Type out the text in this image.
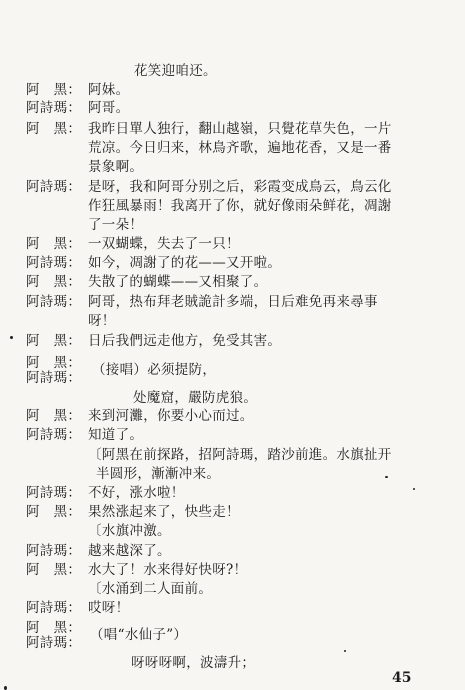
花笑迎咱还。
阿　黑： 阿妹。
阿詩瑪： 阿哥。
阿　黑： 我昨日單人独行，翻山越嶺，只覺花草失色，一片
荒凉。今日归来，林鳥齐歌，遍地花香，又是一番
景象啊。
阿詩瑪： 是呀，我和阿哥分别之后，彩霞变成鳥云，鳥云化
作狂風暴雨！我离开了你，就好像雨朵鲜花，凋謝
了一朵！
阿　黑： 一双蝴蝶，失去了一只！
阿詩瑪： 如今，凋謝了的花——又开啦。
阿　黑： 失散了的蝴蝶——又相聚了。
阿詩瑪： 阿哥，热布拜老賊詭計多端，日后难免再来尋事
呀！
阿　黑： 日后我們远走他方，免受其害。
阿　黑： （接唱）必须提防，
阿詩瑪：
处魔窟，嚴防虎狼。
阿　黑： 来到河灘，你要小心而过。
阿詩瑪： 知道了。
〔阿黑在前探路，招阿詩瑪，踏沙前進。水旗扯开
半圆形，漸漸冲来。
阿詩瑪： 不好，涨水啦！
阿　黑： 果然涨起来了，快些走！
〔水旗冲激。
阿詩瑪： 越来越深了。
阿　黑： 水大了！水来得好快呀?！
〔水涌到二人面前。
阿詩瑪： 哎呀！
阿　黑： （唱“水仙子”）
阿詩瑪：
呀呀呀啊，波濤升；
45
